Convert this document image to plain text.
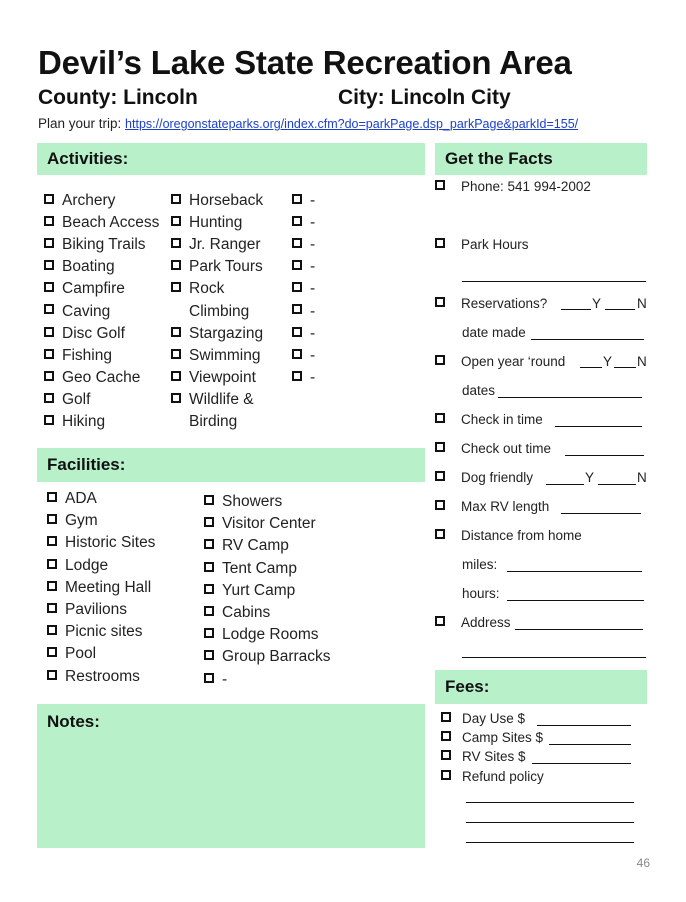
Devil’s Lake State Recreation Area
County: Lincoln	City: Lincoln City
Plan your trip: https://oregonstateparks.org/index.cfm?do=parkPage.dsp_parkPage&parkId=155/
Activities:
Archery
Beach Access
Biking Trails
Boating
Campfire
Caving
Disc Golf
Fishing
Geo Cache
Golf
Hiking
Horseback
Hunting
Jr. Ranger
Park Tours
Rock
Climbing
Stargazing
Swimming
Viewpoint
Wildlife &
Birding
-
-
-
-
-
-
-
-
-
Facilities:
ADA
Gym
Historic Sites
Lodge
Meeting Hall
Pavilions
Picnic sites
Pool
Restrooms
Showers
Visitor Center
RV Camp
Tent Camp
Yurt Camp
Cabins
Lodge Rooms
Group Barracks
-
Notes:
Get the Facts
Phone: 541 994-2002
Park Hours
Reservations?	Y	N
date made
Open year ‘round	Y N
dates
Check in time
Check out time
Dog friendly	Y	N
Max RV length
Distance from home
miles:
hours:
Address
Fees:
Day Use $
Camp Sites $
RV Sites $
Refund policy
46
